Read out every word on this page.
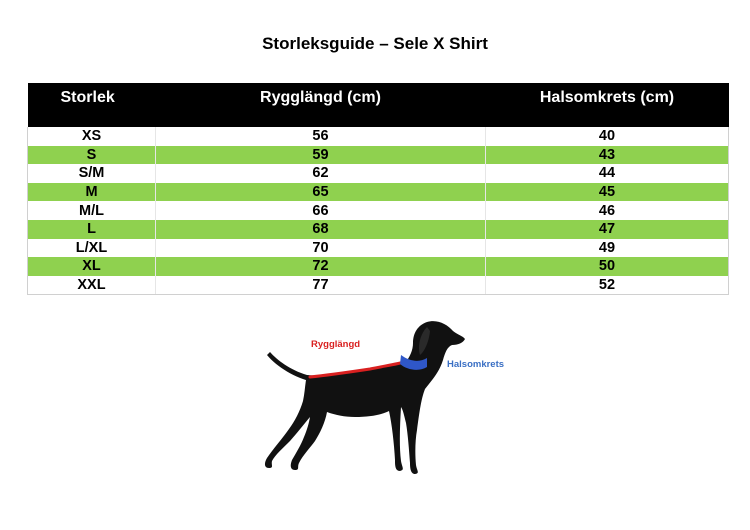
Storleksguide – Sele X Shirt
Storlek	Rygglängd (cm)	Halsomkrets (cm)
XS	56	40
S	59	43
S/M	62	44
M	65	45
M/L	66	46
L	68	47
L/XL	70	49
XL	72	50
XXL	77	52
Rygglängd
Halsomkrets
